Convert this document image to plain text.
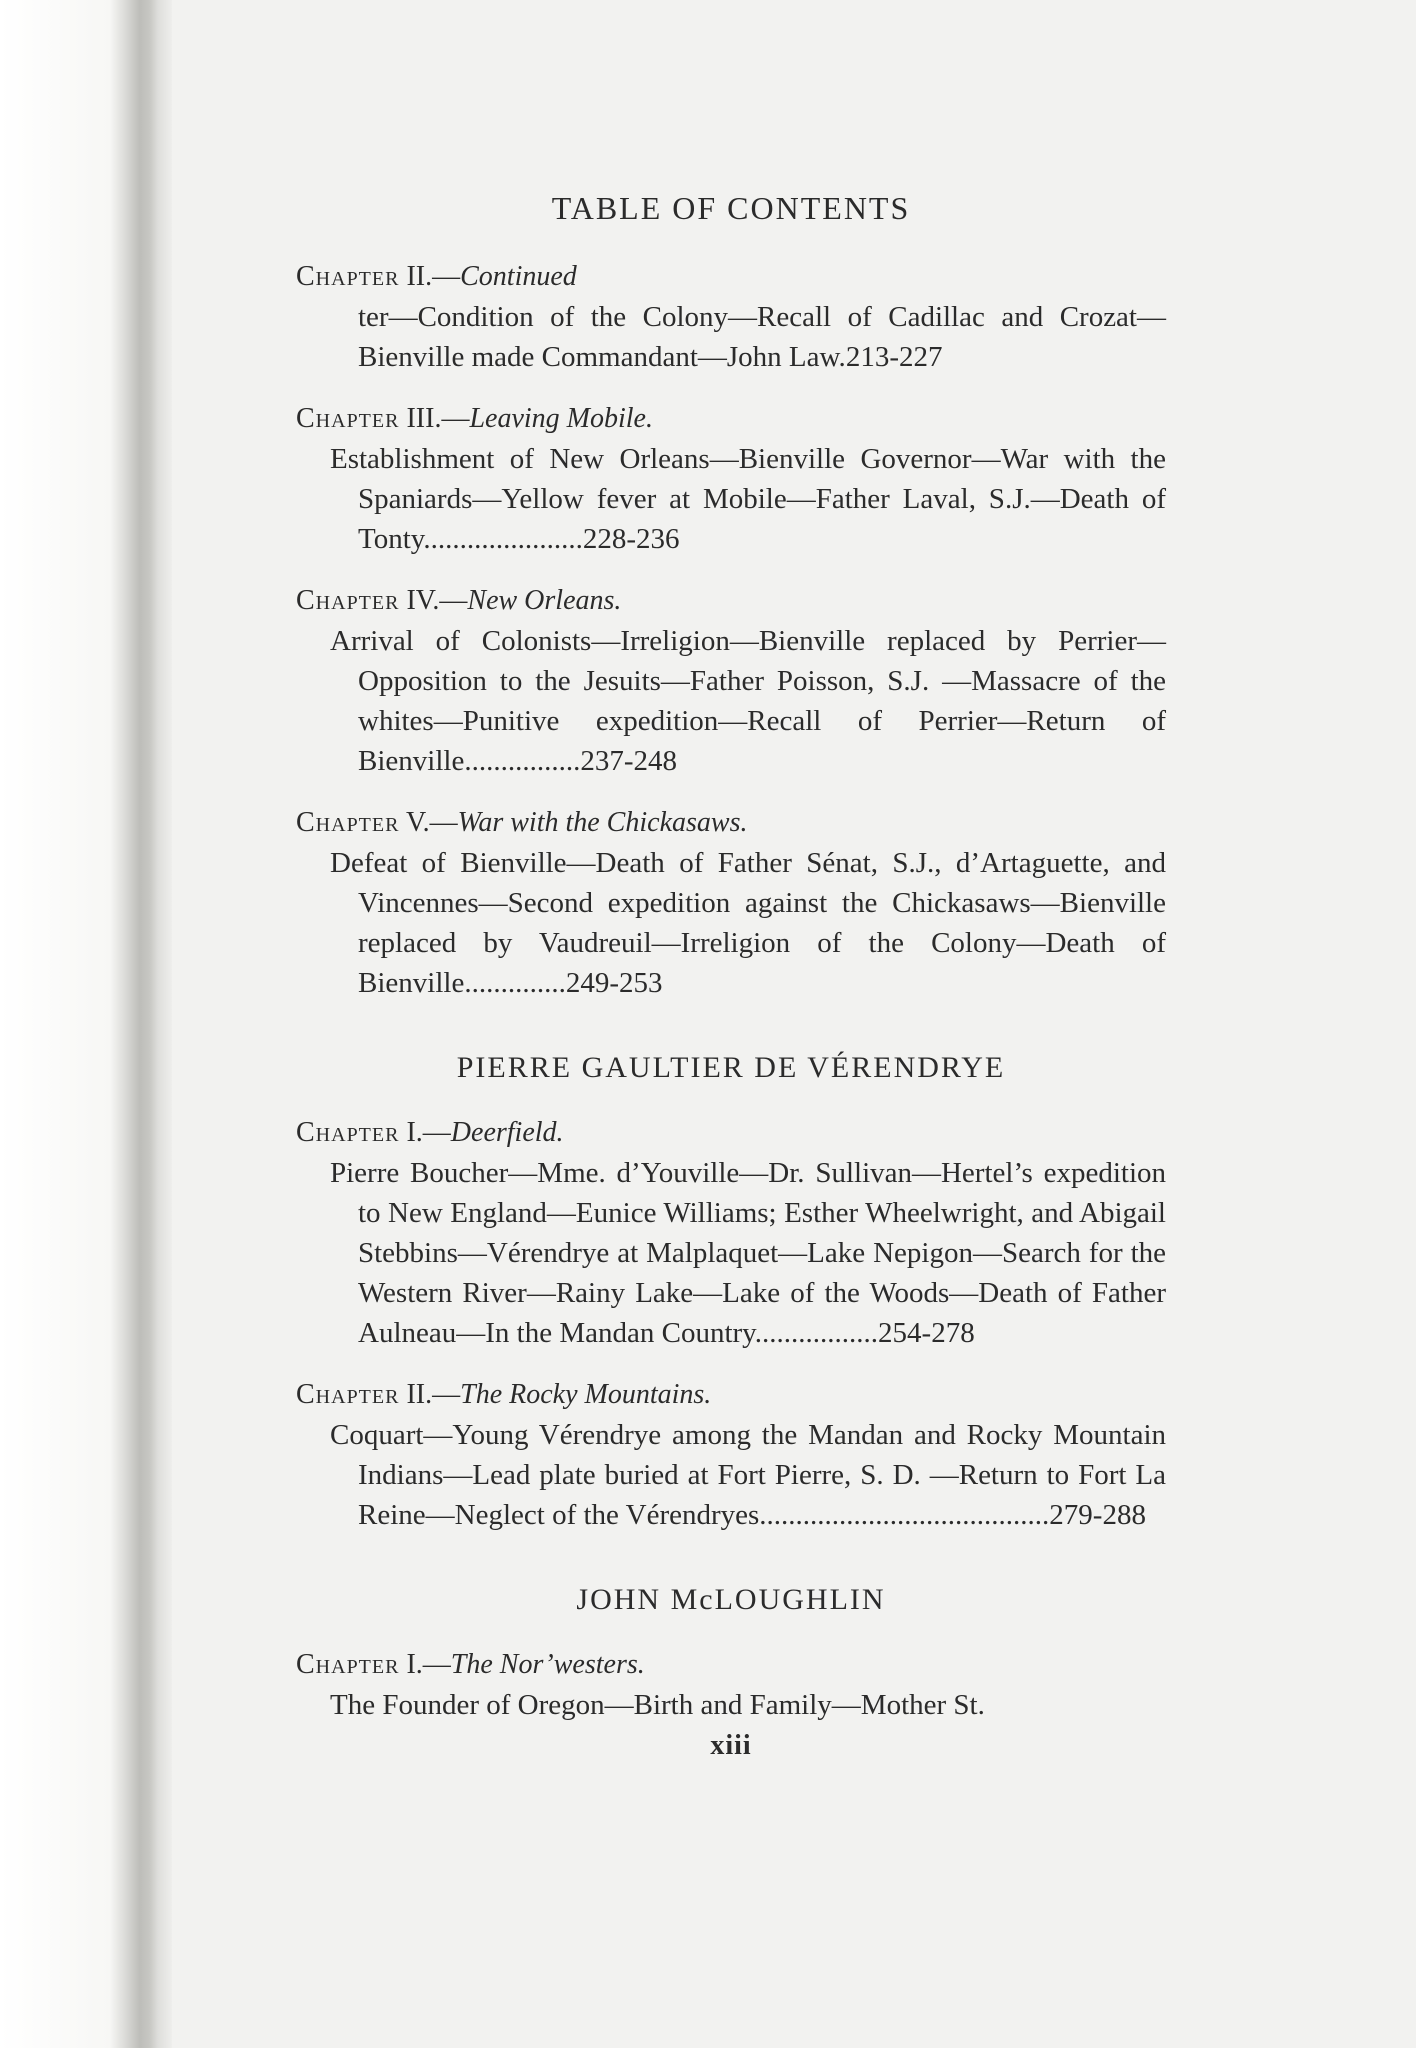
TABLE OF CONTENTS
Chapter II.—Continued
ter—Condition of the Colony—Recall of Cadillac and Crozat—Bienville made Commandant—John Law.213-227
Chapter III.—Leaving Mobile.
Establishment of New Orleans—Bienville Governor—War with the Spaniards—Yellow fever at Mobile—Father Laval, S.J.—Death of Tonty......................228-236
Chapter IV.—New Orleans.
Arrival of Colonists—Irreligion—Bienville replaced by Perrier—Opposition to the Jesuits—Father Poisson, S.J. —Massacre of the whites—Punitive expedition—Recall of Perrier—Return of Bienville................237-248
Chapter V.—War with the Chickasaws.
Defeat of Bienville—Death of Father Sénat, S.J., d’Artaguette, and Vincennes—Second expedition against the Chickasaws—Bienville replaced by Vaudreuil—Irreligion of the Colony—Death of Bienville..............249-253
PIERRE GAULTIER DE VÉRENDRYE
Chapter I.—Deerfield.
Pierre Boucher—Mme. d’Youville—Dr. Sullivan—Hertel’s expedition to New England—Eunice Williams; Esther Wheelwright, and Abigail Stebbins—Vérendrye at Malplaquet—Lake Nepigon—Search for the Western River—Rainy Lake—Lake of the Woods—Death of Father Aulneau—In the Mandan Country.................254-278
Chapter II.—The Rocky Mountains.
Coquart—Young Vérendrye among the Mandan and Rocky Mountain Indians—Lead plate buried at Fort Pierre, S. D. —Return to Fort La Reine—Neglect of the Vérendryes........................................279-288
JOHN McLOUGHLIN
Chapter I.—The Nor’westers.
The Founder of Oregon—Birth and Family—Mother St.
xiii
